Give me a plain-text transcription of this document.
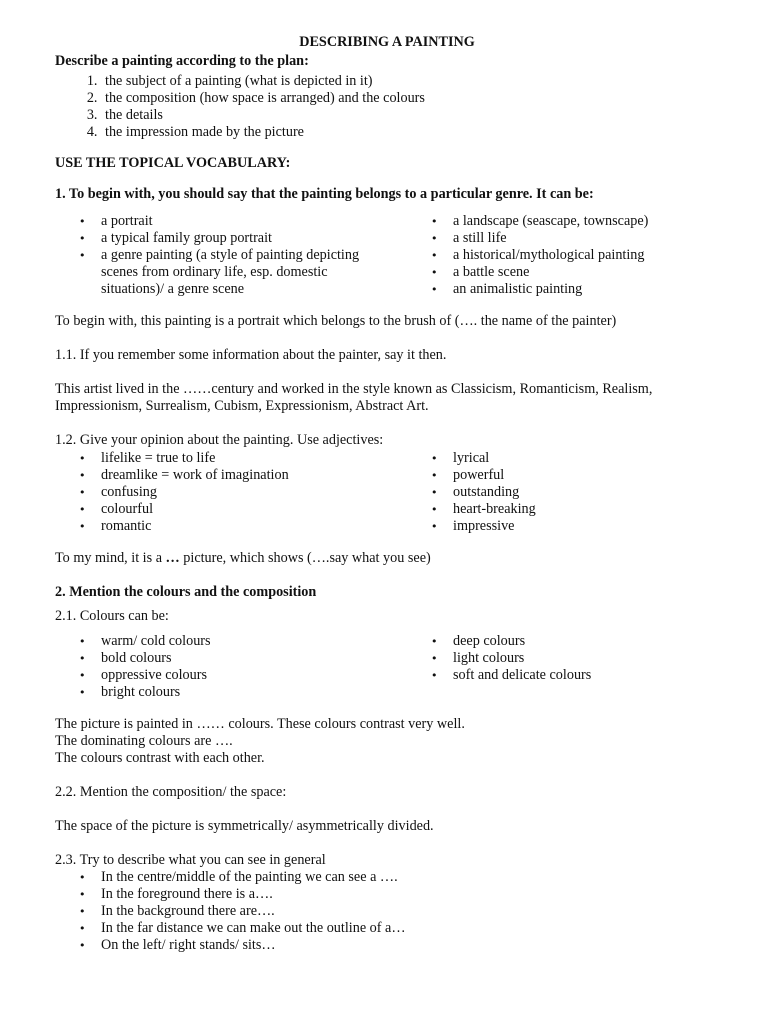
DESCRIBING A PAINTING

Describe a painting according to the plan:

1. the subject of a painting (what is depicted in it)
2. the composition (how space is arranged) and the colours
3. the details
4. the impression made by the picture

USE THE TOPICAL VOCABULARY:

1. To begin with, you should say that the painting belongs to a particular genre. It can be:

• a portrait
• a typical family group portrait
• a genre painting (a style of painting depicting scenes from ordinary life, esp. domestic situations)/ a genre scene
• a landscape (seascape, townscape)
• a still life
• a historical/mythological painting
• a battle scene
• an animalistic painting

To begin with, this painting is a portrait which belongs to the brush of (…. the name of the painter)

1.1. If you remember some information about the painter, say it then.

This artist lived in the ……century and worked in the style known as Classicism, Romanticism, Realism, Impressionism, Surrealism, Cubism, Expressionism, Abstract Art.

1.2. Give your opinion about the painting. Use adjectives:

• lifelike = true to life
• dreamlike = work of imagination
• confusing
• colourful
• romantic
• lyrical
• powerful
• outstanding
• heart-breaking
• impressive

To my mind, it is a … picture, which shows (….say what you see)

2. Mention the colours and the composition

2.1. Colours can be:

• warm/ cold colours
• bold colours
• oppressive colours
• bright colours
• deep colours
• light colours
• soft and delicate colours

The picture is painted in …… colours. These colours contrast very well.

The dominating colours are ….

The colours contrast with each other.

2.2. Mention the composition/ the space:

The space of the picture is symmetrically/ asymmetrically divided.

2.3. Try to describe what you can see in general

• In the centre/middle of the painting we can see a ….
• In the foreground there is a….
• In the background there are….
• In the far distance we can make out the outline of a…
• On the left/ right stands/ sits…
